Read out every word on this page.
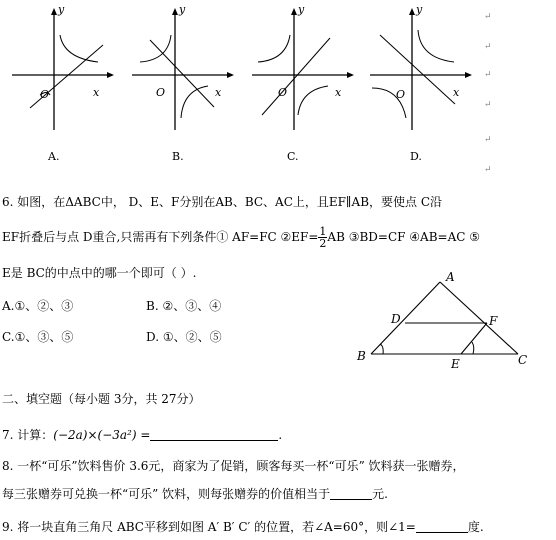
y
x
O
y
x
O
y
x
O
y
x
O
A.	B.	C.	D.
↵
↵
↵
↵
↵
↵
6. 如图，在ΔABC中， D、E、F分别在AB、BC、AC上，且EF∥AB，要使点 C沿
EF折叠后与点 D重合,只需再有下列条件① AF=FC ②EF= $\frac{1}{2}$ AB ③BD=CF ④AB=AC ⑤
E是 BC的中点中的哪一个即可（ ）.
A.①、②、③	B. ②、③、④
C.①、③、⑤	D. ①、②、⑤
A
B	C
D
E
F
二、填空题（每小题 3分，共 27分）
7. 计算：(−2a)×(−3a²) =	.
8. 一杯“可乐”饮料售价 3.6元，商家为了促销，顾客每买一杯“可乐” 饮料获一张赠券，
每三张赠券可兑换一杯“可乐” 饮料，则每张赠券的价值相当于	元.
9. 将一块直角三角尺 ABC平移到如图 A′ B′ C′ 的位置，若∠A=60°，则∠1=	度.
